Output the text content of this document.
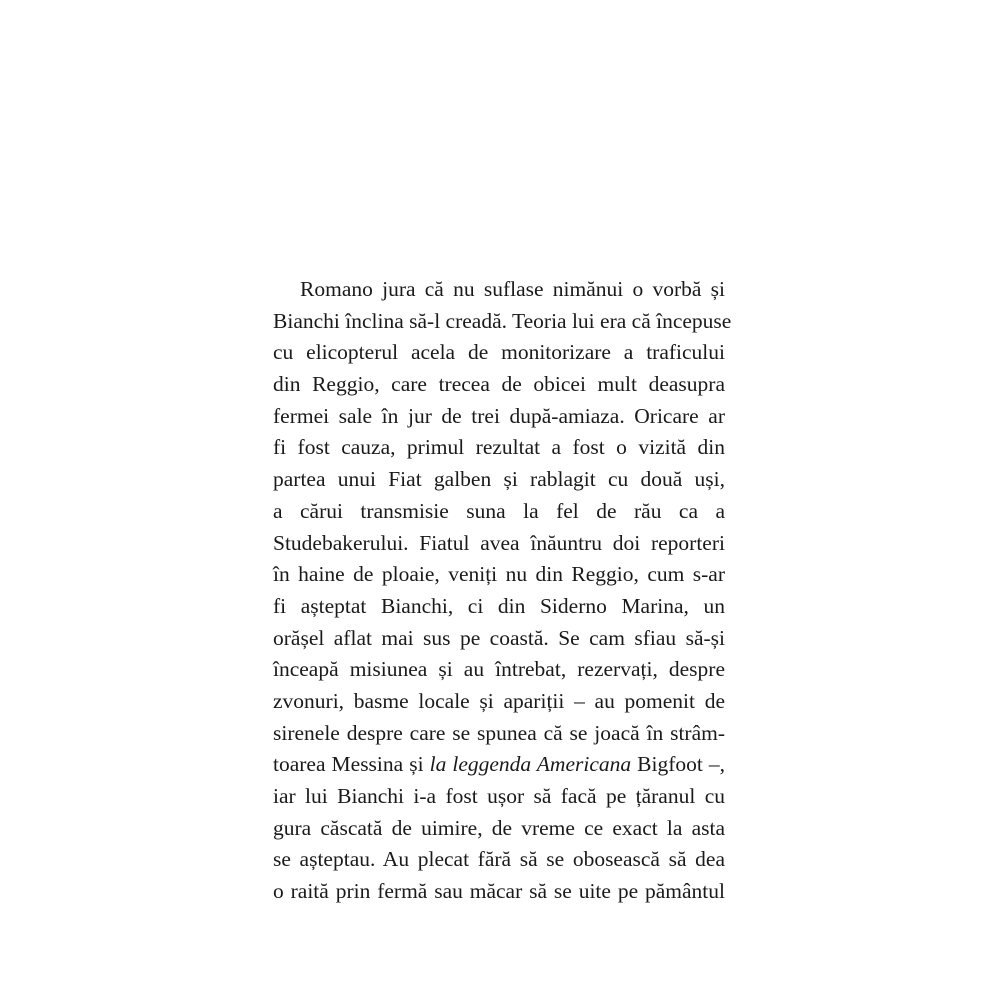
Romano jura că nu suflase nimănui o vorbă și
Bianchi înclina să-l creadă. Teoria lui era că începuse
cu elicopterul acela de monitorizare a traficului
din Reggio, care trecea de obicei mult deasupra
fermei sale în jur de trei după-amiaza. Oricare ar
fi fost cauza, primul rezultat a fost o vizită din
partea unui Fiat galben și rablagit cu două uși,
a cărui transmisie suna la fel de rău ca a
Studebakerului. Fiatul avea înăuntru doi reporteri
în haine de ploaie, veniți nu din Reggio, cum s-ar
fi așteptat Bianchi, ci din Siderno Marina, un
orășel aflat mai sus pe coastă. Se cam sfiau să-și
înceapă misiunea și au întrebat, rezervați, despre
zvonuri, basme locale și apariții – au pomenit de
sirenele despre care se spunea că se joacă în strâm-
toarea Messina și la leggenda Americana Bigfoot –,
iar lui Bianchi i-a fost ușor să facă pe țăranul cu
gura căscată de uimire, de vreme ce exact la asta
se așteptau. Au plecat fără să se obosească să dea
o raită prin fermă sau măcar să se uite pe pământul
